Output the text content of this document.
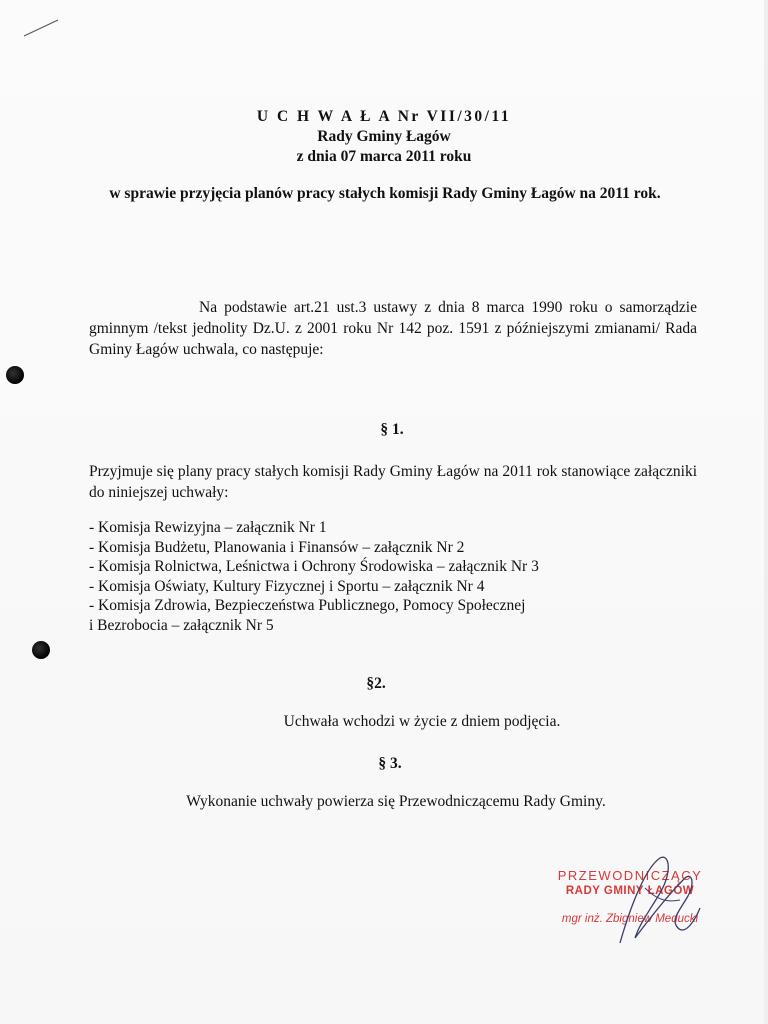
U C H W A Ł A Nr VII/30/11
Rady Gminy Łagów
z dnia 07 marca 2011 roku
w sprawie przyjęcia planów pracy stałych komisji Rady Gminy Łagów na 2011 rok.
Na podstawie art.21 ust.3 ustawy z dnia 8 marca 1990 roku o samorządzie gminnym /tekst jednolity Dz.U. z 2001 roku Nr 142 poz. 1591 z późniejszymi zmianami/ Rada Gminy Łagów uchwala, co następuje:
§ 1.
Przyjmuje się plany pracy stałych komisji Rady Gminy Łagów na 2011 rok stanowiące załączniki do niniejszej uchwały:
- Komisja Rewizyjna – załącznik Nr 1
- Komisja Budżetu, Planowania i Finansów – załącznik Nr 2
- Komisja Rolnictwa, Leśnictwa i Ochrony Środowiska – załącznik Nr 3
- Komisja Oświaty, Kultury Fizycznej i Sportu – załącznik Nr 4
- Komisja Zdrowia, Bezpieczeństwa Publicznego, Pomocy Społecznej
i Bezrobocia – załącznik Nr 5
§2.
Uchwała wchodzi w życie z dniem podjęcia.
§ 3.
Wykonanie uchwały powierza się Przewodniczącemu Rady Gminy.
PRZEWODNICZĄCY
RADY GMINY ŁAGÓW
mgr inż. Zbigniew Meducki
